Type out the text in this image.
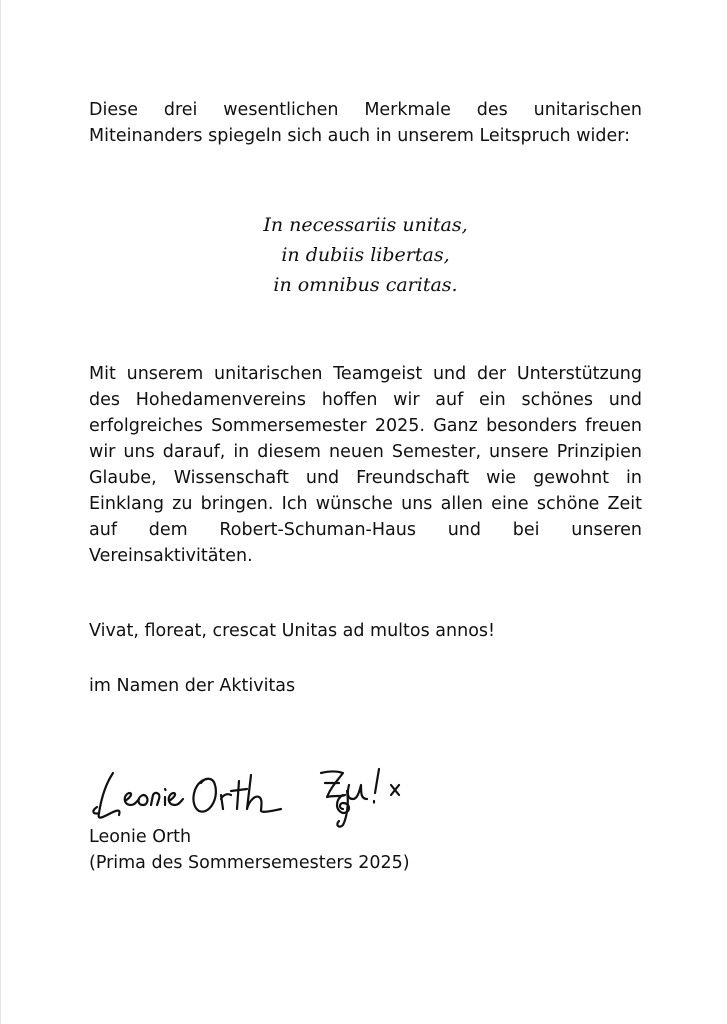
Diese drei wesentlichen Merkmale des unitarischen Miteinanders spiegeln sich auch in unserem Leitspruch wider:

In necessariis unitas,
in dubiis libertas,
in omnibus caritas.

Mit unserem unitarischen Teamgeist und der Unterstützung des Hohedamenvereins hoffen wir auf ein schönes und erfolgreiches Sommersemester 2025. Ganz besonders freuen wir uns darauf, in diesem neuen Semester, unsere Prinzipien Glaube, Wissenschaft und Freundschaft wie gewohnt in Einklang zu bringen. Ich wünsche uns allen eine schöne Zeit auf dem Robert-Schuman-Haus und bei unseren Vereinsaktivitäten.

Vivat, floreat, crescat Unitas ad multos annos!

im Namen der Aktivitas

Leonie Orth
(Prima des Sommersemesters 2025)
